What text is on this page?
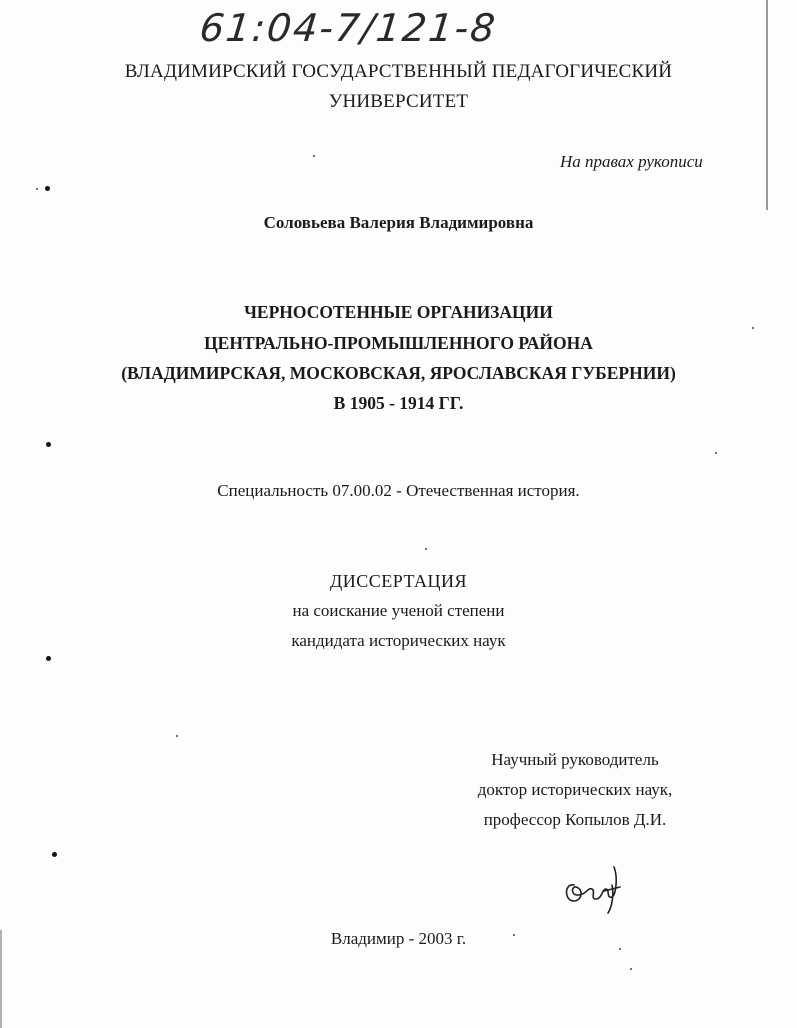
61:04-7/121-8
ВЛАДИМИРСКИЙ ГОСУДАРСТВЕННЫЙ ПЕДАГОГИЧЕСКИЙ
УНИВЕРСИТЕТ
На правах рукописи
Соловьева Валерия Владимировна
ЧЕРНОСОТЕННЫЕ ОРГАНИЗАЦИИ
ЦЕНТРАЛЬНО-ПРОМЫШЛЕННОГО РАЙОНА
(ВЛАДИМИРСКАЯ, МОСКОВСКАЯ, ЯРОСЛАВСКАЯ ГУБЕРНИИ)
В 1905 - 1914 ГГ.
Специальность 07.00.02 - Отечественная история.
ДИССЕРТАЦИЯ
на соискание ученой степени
кандидата исторических наук
Научный руководитель
доктор исторических наук,
профессор Копылов Д.И.
Владимир - 2003 г.
